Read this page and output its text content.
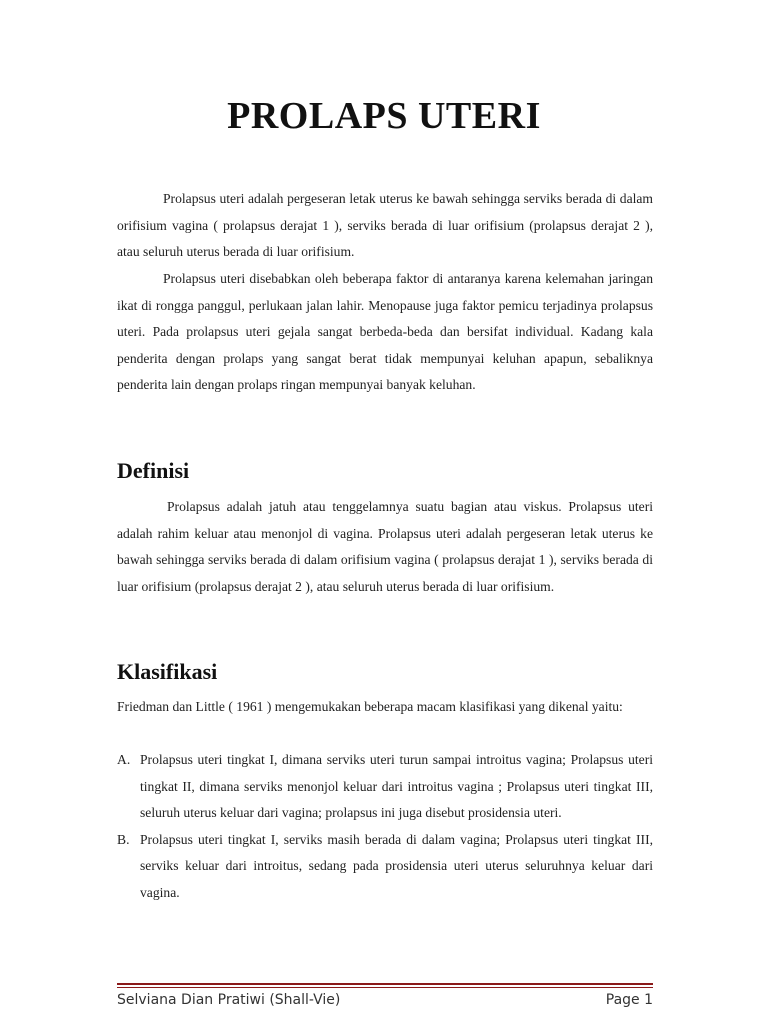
PROLAPS UTERI

Prolapsus uteri adalah pergeseran letak uterus ke bawah sehingga serviks berada di dalam orifisium vagina ( prolapsus derajat 1 ), serviks berada di luar orifisium (prolapsus derajat 2 ), atau seluruh uterus berada di luar orifisium.

Prolapsus uteri disebabkan oleh beberapa faktor di antaranya karena kelemahan jaringan ikat di rongga panggul, perlukaan jalan lahir. Menopause juga faktor pemicu terjadinya prolapsus uteri. Pada prolapsus uteri gejala sangat berbeda-beda dan bersifat individual. Kadang kala penderita dengan prolaps yang sangat berat tidak mempunyai keluhan apapun, sebaliknya penderita lain dengan prolaps ringan mempunyai banyak keluhan.

Definisi

Prolapsus adalah jatuh atau tenggelamnya suatu bagian atau viskus. Prolapsus uteri adalah rahim keluar atau menonjol di vagina. Prolapsus uteri adalah pergeseran letak uterus ke bawah sehingga serviks berada di dalam orifisium vagina ( prolapsus derajat 1 ), serviks berada di luar orifisium (prolapsus derajat 2 ), atau seluruh uterus berada di luar orifisium.

Klasifikasi

Friedman dan Little ( 1961 ) mengemukakan beberapa macam klasifikasi yang dikenal yaitu:

A. Prolapsus uteri tingkat I, dimana serviks uteri turun sampai introitus vagina; Prolapsus uteri tingkat II, dimana serviks menonjol keluar dari introitus vagina ; Prolapsus uteri tingkat III, seluruh uterus keluar dari vagina; prolapsus ini juga disebut prosidensia uteri.
B. Prolapsus uteri tingkat I, serviks masih berada di dalam vagina; Prolapsus uteri tingkat III, serviks keluar dari introitus, sedang pada prosidensia uteri uterus seluruhnya keluar dari vagina.
Selviana Dian Pratiwi (Shall-Vie)	Page 1
